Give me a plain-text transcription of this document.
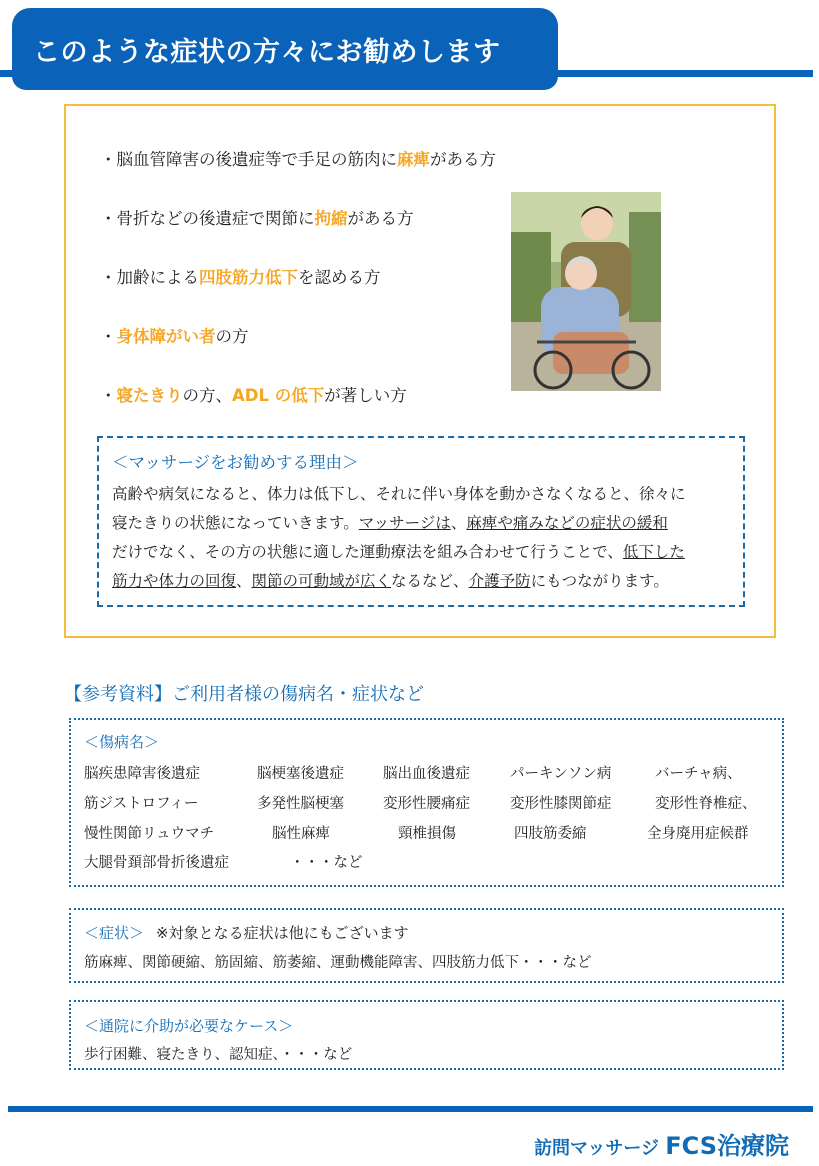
このような症状の方々にお勧めします
・脳血管障害の後遺症等で手足の筋肉に麻痺がある方
・骨折などの後遺症で関節に拘縮がある方
・加齢による四肢筋力低下を認める方
・身体障がい者の方
・寝たきりの方、ADL の低下が著しい方
＜マッサージをお勧めする理由＞
高齢や病気になると、体力は低下し、それに伴い身体を動かさなくなると、徐々に
寝たきりの状態になっていきます。マッサージは、麻痺や痛みなどの症状の緩和
だけでなく、その方の状態に適した運動療法を組み合わせて行うことで、低下した
筋力や体力の回復、関節の可動域が広くなるなど、介護予防にもつながります。
【参考資料】ご利用者様の傷病名・症状など
＜傷病名＞
脳疾患障害後遺症	脳梗塞後遺症	脳出血後遺症	パーキンソン病	バーチャ病、
筋ジストロフィー	多発性脳梗塞	変形性腰痛症	変形性膝関節症	変形性脊椎症、
慢性関節リュウマチ	脳性麻痺	頸椎損傷	四肢筋委縮	全身廃用症候群
大腿骨頚部骨折後遺症	・・・など
＜症状＞ ※対象となる症状は他にもございます
筋麻痺、関節硬縮、筋固縮、筋萎縮、運動機能障害、四肢筋力低下・・・など
＜通院に介助が必要なケース＞
歩行困難、寝たきり、認知症、・・・など
訪問マッサージ FCS治療院
